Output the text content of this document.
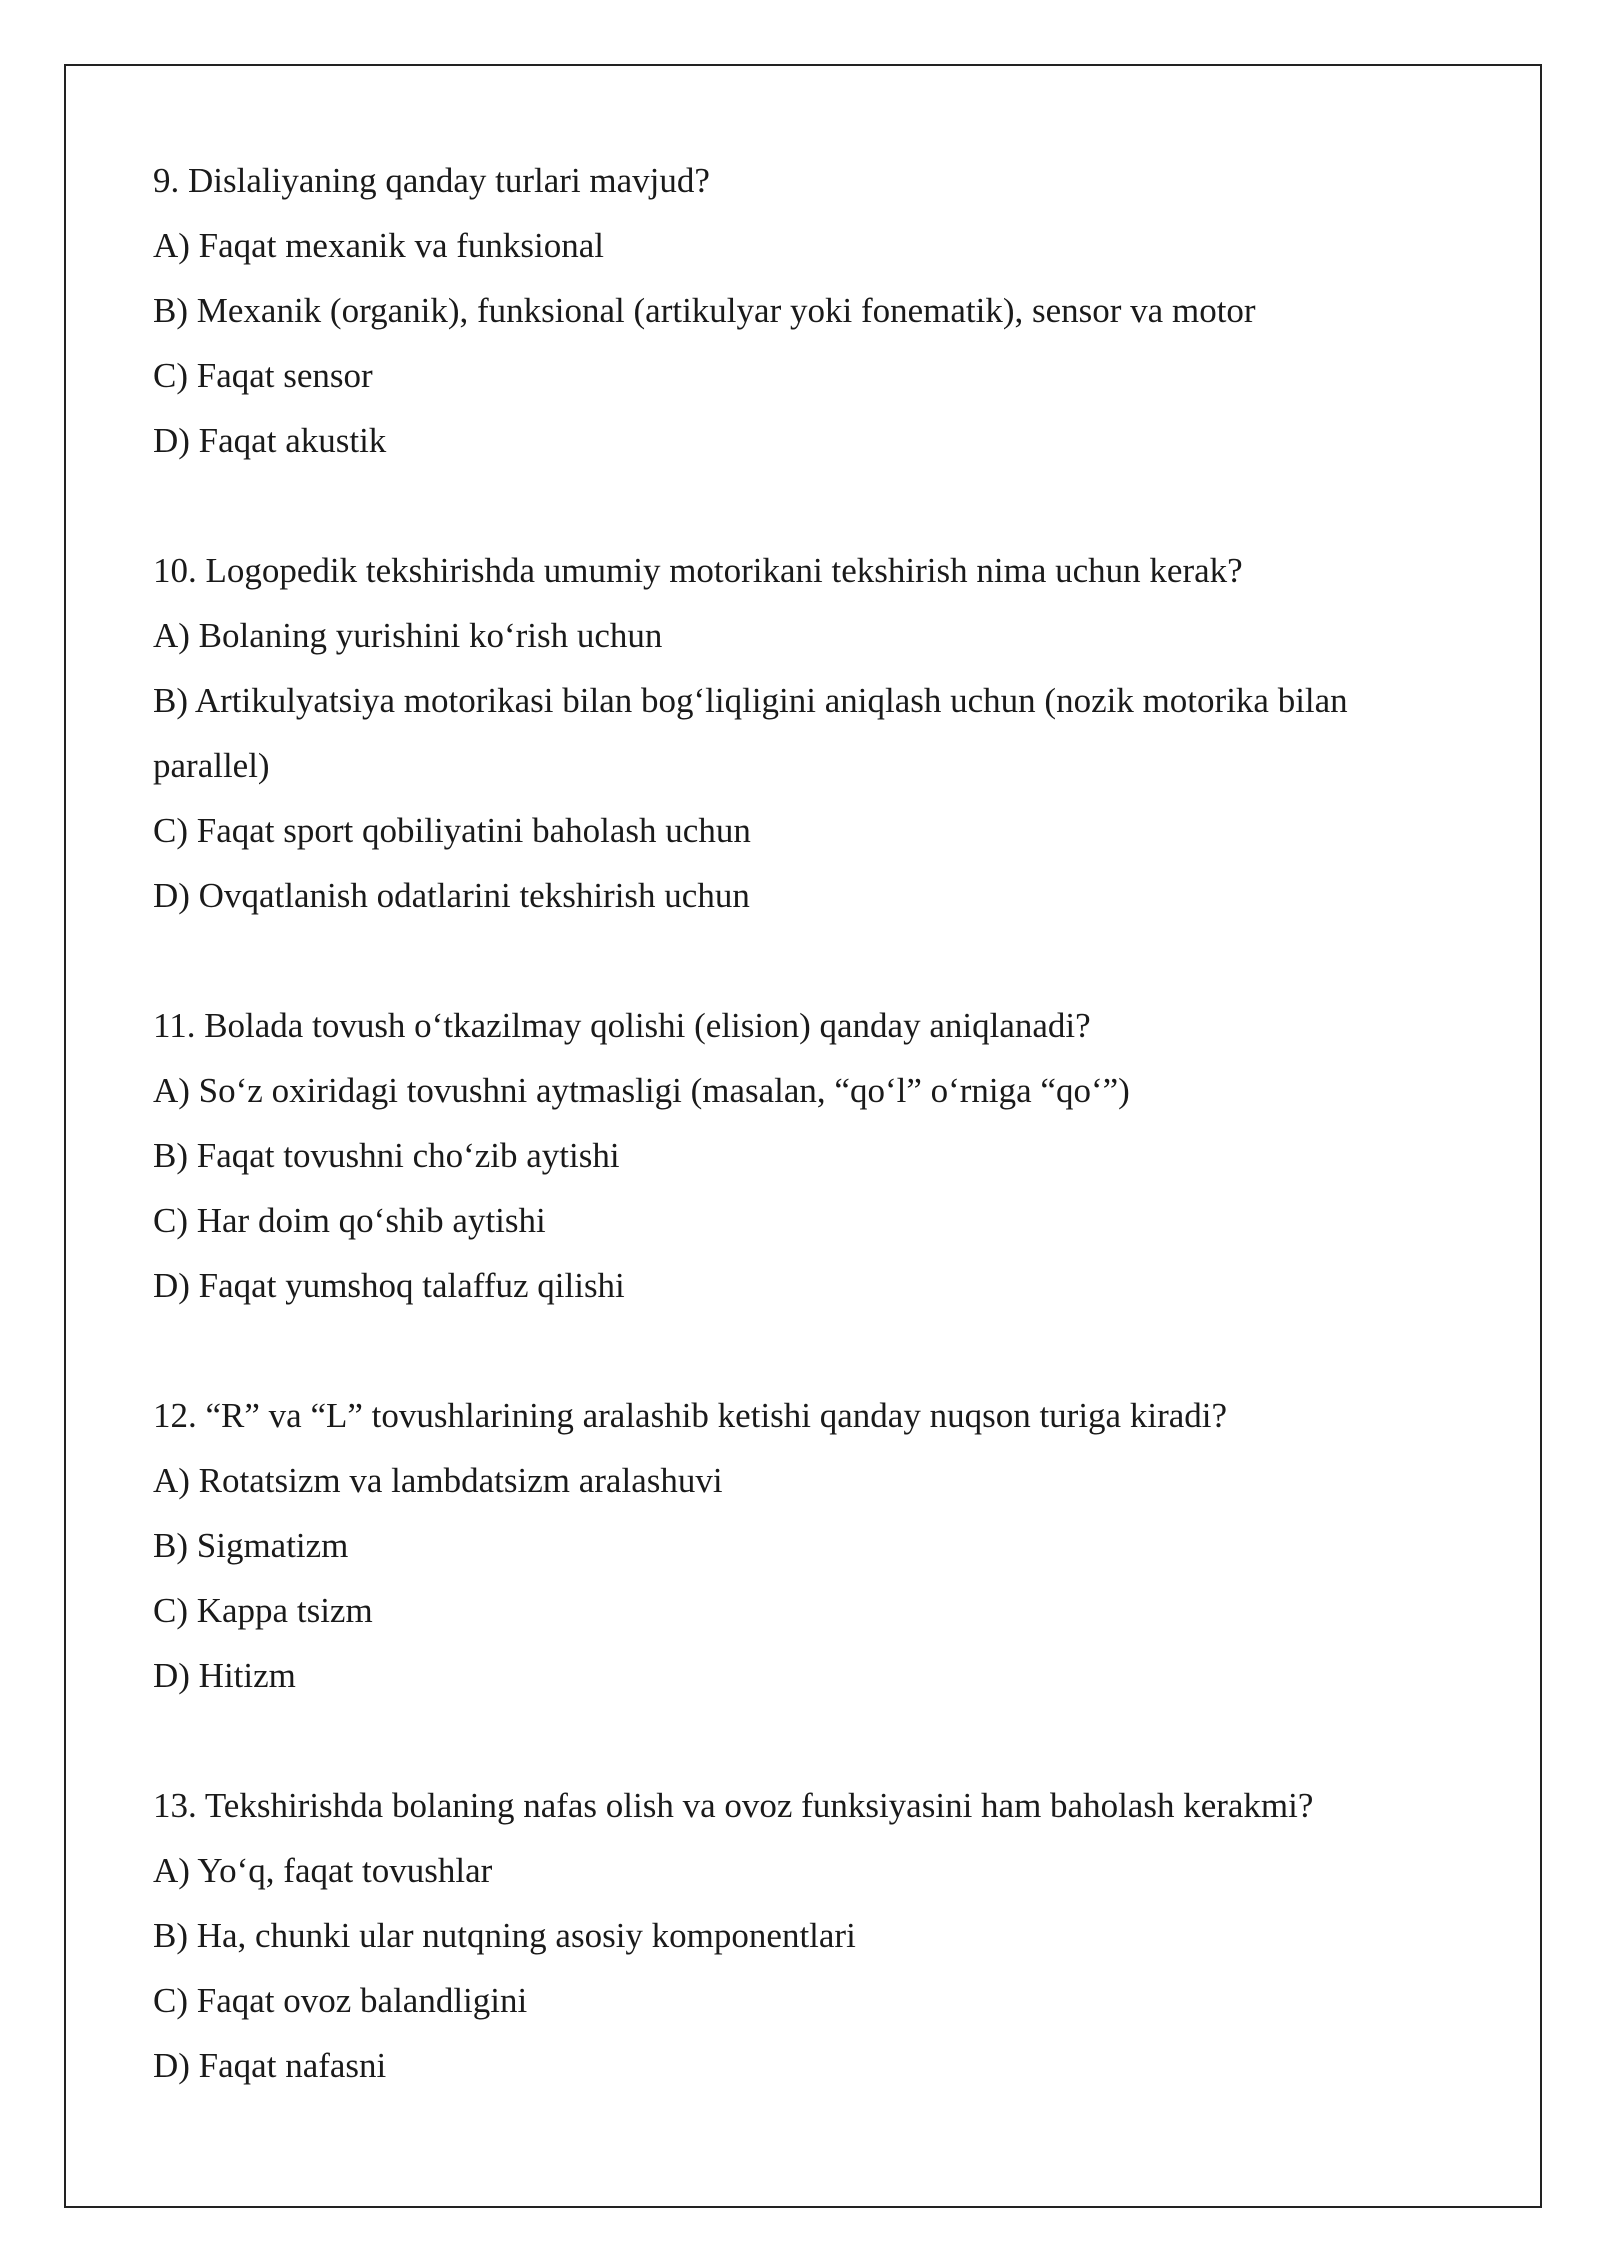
9. Dislaliyaning qanday turlari mavjud?

A) Faqat mexanik va funksional

B) Mexanik (organik), funksional (artikulyar yoki fonematik), sensor va motor

C) Faqat sensor

D) Faqat akustik

10. Logopedik tekshirishda umumiy motorikani tekshirish nima uchun kerak?

A) Bolaning yurishini ko‘rish uchun

B) Artikulyatsiya motorikasi bilan bog‘liqligini aniqlash uchun (nozik motorika bilan

parallel)

C) Faqat sport qobiliyatini baholash uchun

D) Ovqatlanish odatlarini tekshirish uchun

11. Bolada tovush o‘tkazilmay qolishi (elision) qanday aniqlanadi?

A) So‘z oxiridagi tovushni aytmasligi (masalan, “qo‘l” o‘rniga “qo‘”)

B) Faqat tovushni cho‘zib aytishi

C) Har doim qo‘shib aytishi

D) Faqat yumshoq talaffuz qilishi

12. “R” va “L” tovushlarining aralashib ketishi qanday nuqson turiga kiradi?

A) Rotatsizm va lambdatsizm aralashuvi

B) Sigmatizm

C) Kappa tsizm

D) Hitizm

13. Tekshirishda bolaning nafas olish va ovoz funksiyasini ham baholash kerakmi?

A) Yo‘q, faqat tovushlar

B) Ha, chunki ular nutqning asosiy komponentlari

C) Faqat ovoz balandligini

D) Faqat nafasni
